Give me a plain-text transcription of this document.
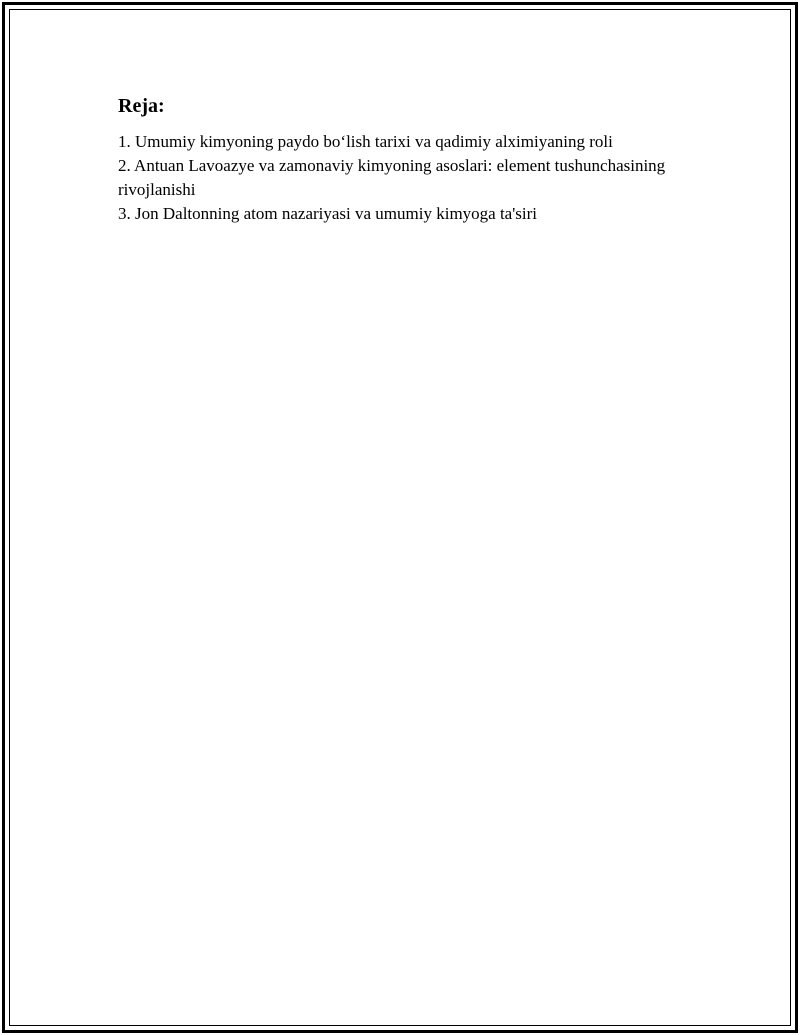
Reja:
1. Umumiy kimyoning paydo bo‘lish tarixi va qadimiy alximiyaning roli
2. Antuan Lavoazye va zamonaviy kimyoning asoslari: element tushunchasining rivojlanishi
3. Jon Daltonning atom nazariyasi va umumiy kimyoga ta'siri
